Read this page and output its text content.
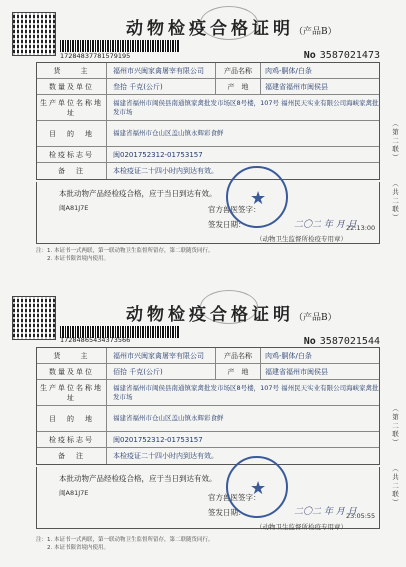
动物检疫合格证明（产品B）
17284837781579195	No 3587021473
货　　主	福州市兴闽家禽屠宰有限公司	产品名称	肉鸡-胴体/白条
数量及单位	叁拾 千克(公斤)	产　地	福建省福州市闽侯县
生产单位名称地址
福建省福州市闽侯县南通镇家禽批发市场区8号楼，107号 福州民天实业有限公司海峡家禽批发市场
目　的　地	福建省福州市仓山区盖山镇永辉彩食鲜
检疫标志号	闽0201752312-01753157
备　注	本检疫证二十四小时内到达有效。
本批动物产品经检疫合格，应于当日到达有效。
闽A81J7E	官方兽医签字：
签发日期：	二〇二 年 月 日
22:13:00
★
（动物卫生监督所检疫专用章）
注：1. 本证书一式两联，第一联动物卫生监督所留存，第二联随货同行。
　　2. 本证书限省境内使用。
（第二联）
（共二联）
动物检疫合格证明（产品B）
17284865434373566	No 3587021544
货　　主	福州市兴闽家禽屠宰有限公司	产品名称	肉鸡-胴体/白条
数量及单位	佰拾 千克(公斤)	产　地	福建省福州市闽侯县
生产单位名称地址
福建省福州市闽侯县南通镇家禽批发市场区8号楼，107号 福州民天实业有限公司海峡家禽批发市场
目　的　地	福建省福州市仓山区盖山镇永辉彩食鲜
检疫标志号	闽0201752312-01753157
备　注	本检疫证二十四小时内到达有效。
本批动物产品经检疫合格，应于当日到达有效。
闽A81J7E	官方兽医签字：
签发日期：	二〇二 年 月 日
23:05:55
★
（动物卫生监督所检疫专用章）
注：1. 本证书一式两联，第一联动物卫生监督所留存，第二联随货同行。
　　2. 本证书限省境内使用。
（第二联）
（共二联）
